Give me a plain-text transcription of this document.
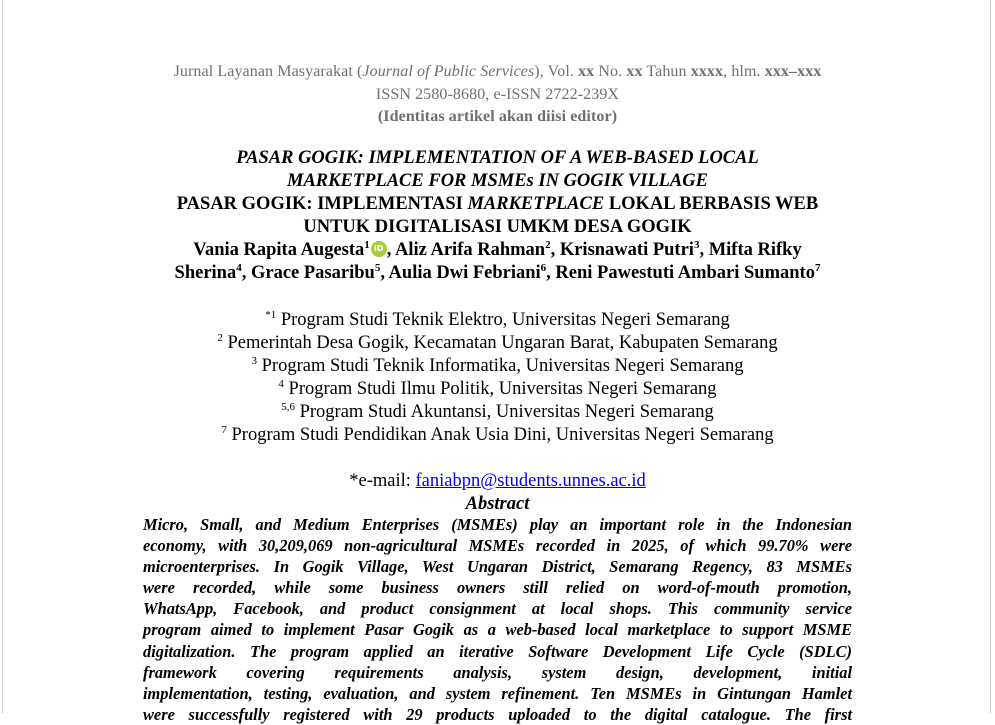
Jurnal Layanan Masyarakat (Journal of Public Services), Vol. xx No. xx Tahun xxxx, hlm. xxx–xxx
ISSN 2580-8680, e-ISSN 2722-239X
(Identitas artikel akan diisi editor)
PASAR GOGIK: IMPLEMENTATION OF A WEB-BASED LOCAL
MARKETPLACE FOR MSMEs IN GOGIK VILLAGE
PASAR GOGIK: IMPLEMENTASI MARKETPLACE LOKAL BERBASIS WEB
UNTUK DIGITALISASI UMKM DESA GOGIK
Vania Rapita Augesta$^1$ iD , Aliz Arifa Rahman$^2$, Krisnawati Putri$^3$, Mifta Rifky
Sherina$^4$, Grace Pasaribu$^5$, Aulia Dwi Febriani$^6$, Reni Pawestuti Ambari Sumanto$^7$
$^{*1}$ Program Studi Teknik Elektro, Universitas Negeri Semarang
$^2$ Pemerintah Desa Gogik, Kecamatan Ungaran Barat, Kabupaten Semarang
$^3$ Program Studi Teknik Informatika, Universitas Negeri Semarang
$^4$ Program Studi Ilmu Politik, Universitas Negeri Semarang
$^{5,6}$ Program Studi Akuntansi, Universitas Negeri Semarang
$^7$ Program Studi Pendidikan Anak Usia Dini, Universitas Negeri Semarang
*e-mail: faniabpn@students.unnes.ac.id
Abstract
Micro, Small, and Medium Enterprises (MSMEs) play an important role in the Indonesian
economy, with 30,209,069 non-agricultural MSMEs recorded in 2025, of which 99.70% were
microenterprises. In Gogik Village, West Ungaran District, Semarang Regency, 83 MSMEs
were recorded, while some business owners still relied on word-of-mouth promotion,
WhatsApp, Facebook, and product consignment at local shops. This community service
program aimed to implement Pasar Gogik as a web-based local marketplace to support MSME
digitalization. The program applied an iterative Software Development Life Cycle (SDLC)
framework covering requirements analysis, system design, development, initial
implementation, testing, evaluation, and system refinement. Ten MSMEs in Gintungan Hamlet
were successfully registered with 29 products uploaded to the digital catalogue. The first
